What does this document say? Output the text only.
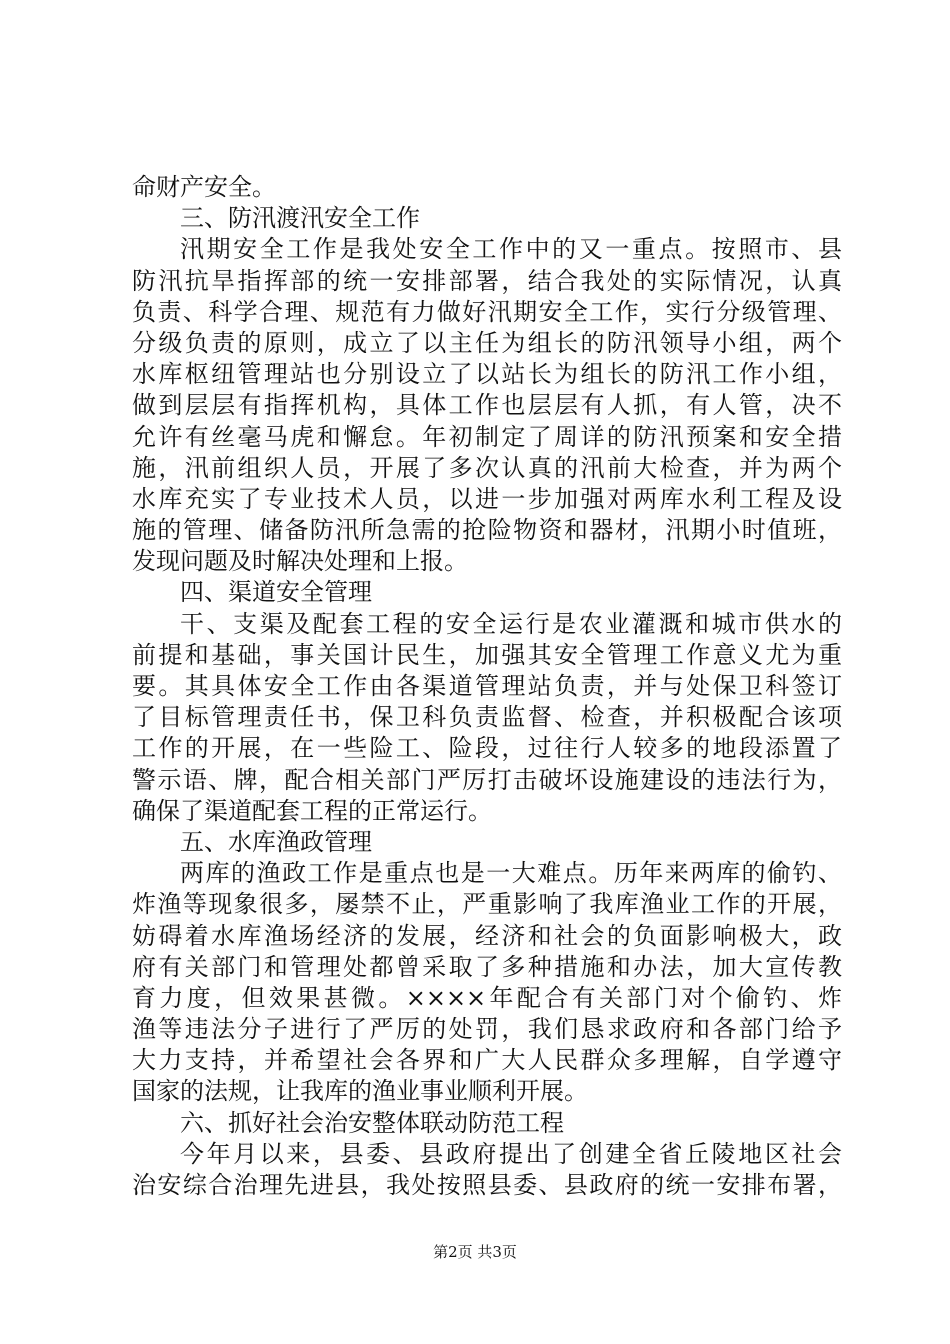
命财产安全。
三、防汛渡汛安全工作
汛期安全工作是我处安全工作中的又一重点。按照市、县
防汛抗旱指挥部的统一安排部署，结合我处的实际情况，认真
负责、科学合理、规范有力做好汛期安全工作，实行分级管理、
分级负责的原则，成立了以主任为组长的防汛领导小组，两个
水库枢纽管理站也分别设立了以站长为组长的防汛工作小组，
做到层层有指挥机构，具体工作也层层有人抓，有人管，决不
允许有丝毫马虎和懈怠。年初制定了周详的防汛预案和安全措
施，汛前组织人员，开展了多次认真的汛前大检查，并为两个
水库充实了专业技术人员，以进一步加强对两库水利工程及设
施的管理、储备防汛所急需的抢险物资和器材，汛期小时值班，
发现问题及时解决处理和上报。
四、渠道安全管理
干、支渠及配套工程的安全运行是农业灌溉和城市供水的
前提和基础，事关国计民生，加强其安全管理工作意义尤为重
要。其具体安全工作由各渠道管理站负责，并与处保卫科签订
了目标管理责任书，保卫科负责监督、检查，并积极配合该项
工作的开展，在一些险工、险段，过往行人较多的地段添置了
警示语、牌，配合相关部门严厉打击破坏设施建设的违法行为，
确保了渠道配套工程的正常运行。
五、水库渔政管理
两库的渔政工作是重点也是一大难点。历年来两库的偷钓、
炸渔等现象很多，屡禁不止，严重影响了我库渔业工作的开展，
妨碍着水库渔场经济的发展，经济和社会的负面影响极大，政
府有关部门和管理处都曾采取了多种措施和办法，加大宣传教
育力度，但效果甚微。××××年配合有关部门对个偷钓、炸
渔等违法分子进行了严厉的处罚，我们恳求政府和各部门给予
大力支持，并希望社会各界和广大人民群众多理解，自学遵守
国家的法规，让我库的渔业事业顺利开展。
六、抓好社会治安整体联动防范工程
今年月以来，县委、县政府提出了创建全省丘陵地区社会
治安综合治理先进县，我处按照县委、县政府的统一安排布署，
第2页 共3页
